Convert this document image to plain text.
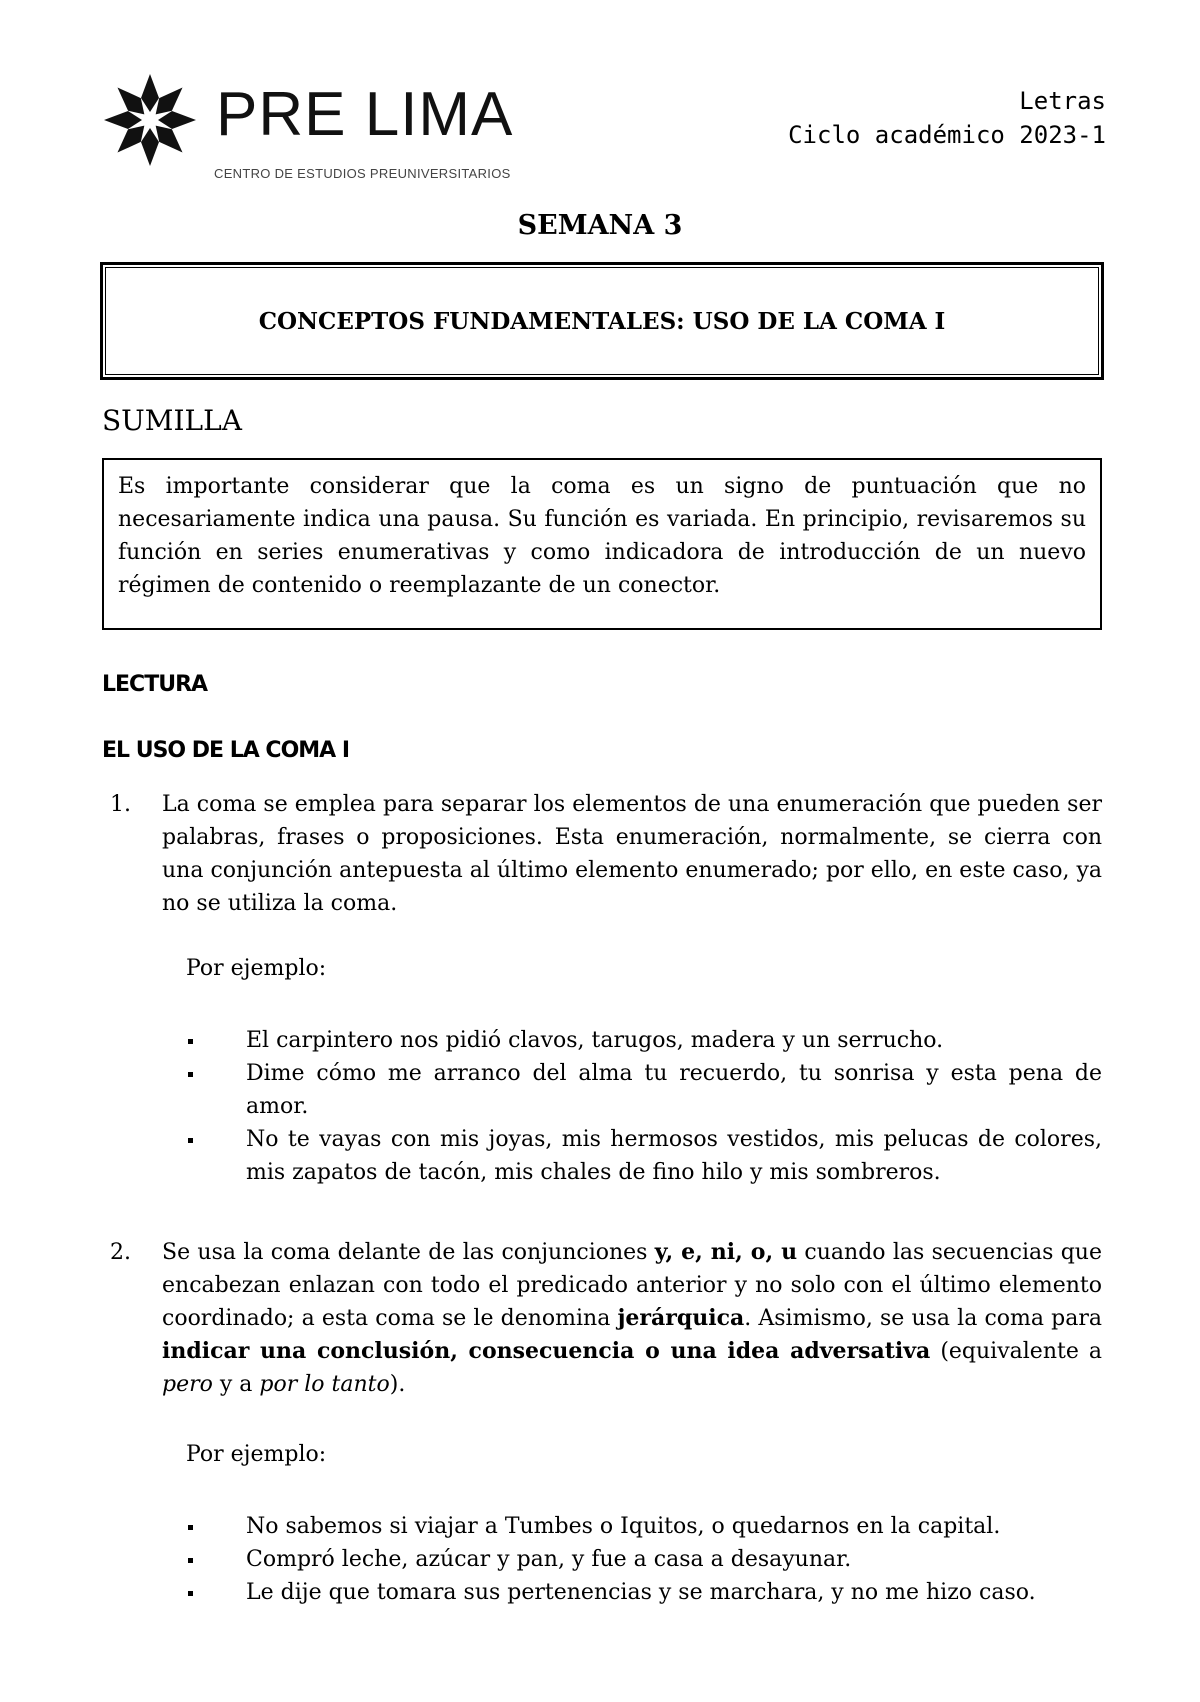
PRE LIMA
CENTRO DE ESTUDIOS PREUNIVERSITARIOS
Letras
Ciclo académico 2023-1
SEMANA 3
CONCEPTOS FUNDAMENTALES: USO DE LA COMA I
SUMILLA
Es importante considerar que la coma es un signo de puntuación que no necesariamente indica una pausa. Su función es variada. En principio, revisaremos su función en series enumerativas y como indicadora de introducción de un nuevo régimen de contenido o reemplazante de un conector.
LECTURA
EL USO DE LA COMA I
1.	La coma se emplea para separar los elementos de una enumeración que pueden ser palabras, frases o proposiciones. Esta enumeración, normalmente, se cierra con una conjunción antepuesta al último elemento enumerado; por ello, en este caso, ya no se utiliza la coma.
Por ejemplo:
El carpintero nos pidió clavos, tarugos, madera y un serrucho.
Dime cómo me arranco del alma tu recuerdo, tu sonrisa y esta pena de amor.
No te vayas con mis joyas, mis hermosos vestidos, mis pelucas de colores, mis zapatos de tacón, mis chales de fino hilo y mis sombreros.
2.	Se usa la coma delante de las conjunciones y, e, ni, o, u cuando las secuencias que encabezan enlazan con todo el predicado anterior y no solo con el último elemento coordinado; a esta coma se le denomina jerárquica. Asimismo, se usa la coma para indicar una conclusión, consecuencia o una idea adversativa (equivalente a pero y a por lo tanto).
Por ejemplo:
No sabemos si viajar a Tumbes o Iquitos, o quedarnos en la capital.
Compró leche, azúcar y pan, y fue a casa a desayunar.
Le dije que tomara sus pertenencias y se marchara, y no me hizo caso.
